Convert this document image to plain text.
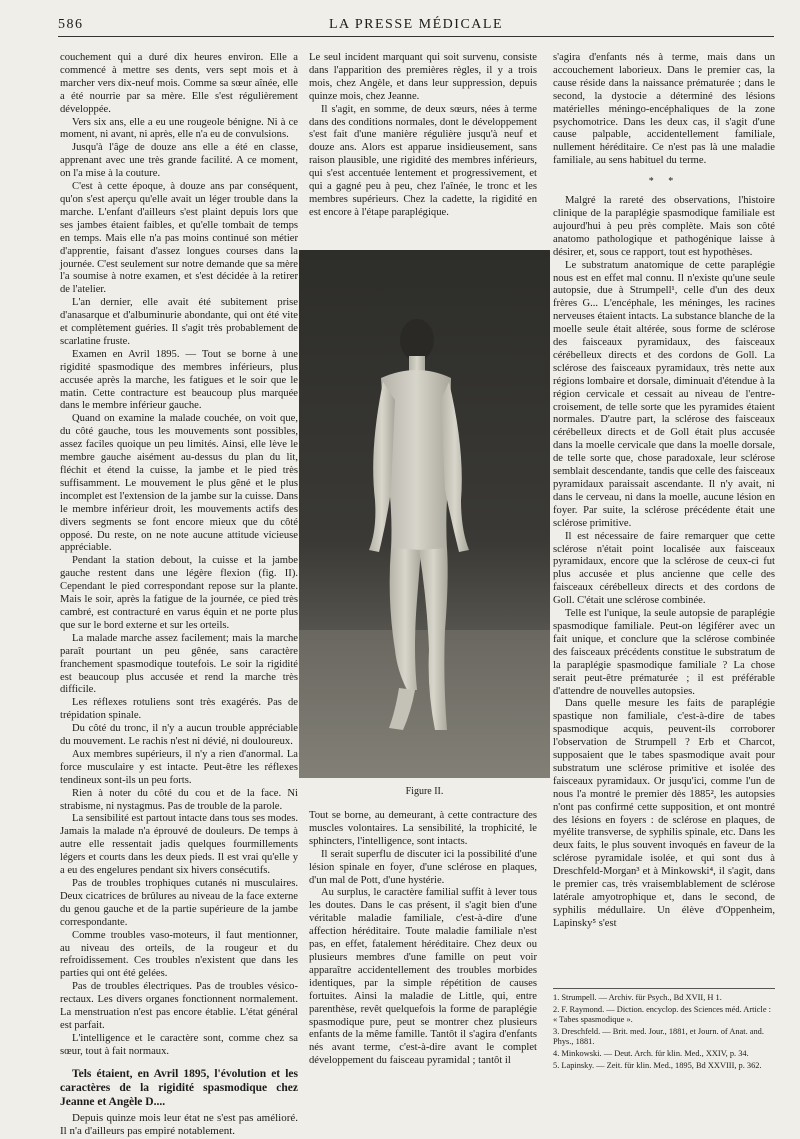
586	LA PRESSE MÉDICALE

couchement qui a duré dix heures environ. Elle a commencé à mettre ses dents, vers sept mois et à marcher vers dix-neuf mois. Comme sa sœur aînée, elle a été nourrie par sa mère. Elle s'est régulièrement développée.

Vers six ans, elle a eu une rougeole bénigne. Ni à ce moment, ni avant, ni après, elle n'a eu de convulsions.

Jusqu'à l'âge de douze ans elle a été en classe, apprenant avec une très grande facilité. A ce moment, on l'a mise à la couture.

C'est à cette époque, à douze ans par conséquent, qu'on s'est aperçu qu'elle avait un léger trouble dans la marche. L'enfant d'ailleurs s'est plaint depuis lors que ses jambes étaient faibles, et qu'elle tombait de temps en temps. Mais elle n'a pas moins continué son métier d'apprentie, faisant d'assez longues courses dans la journée. C'est seulement sur notre demande que sa mère l'a soumise à notre examen, et s'est décidée à la retirer de l'atelier.

L'an dernier, elle avait été subitement prise d'anasarque et d'albuminurie abondante, qui ont été vite et complètement guéries. Il s'agit très probablement de scarlatine fruste.

Examen en Avril 1895. — Tout se borne à une rigidité spasmodique des membres inférieurs, plus accusée après la marche, les fatigues et le soir que le matin. Cette contracture est beaucoup plus marquée dans le membre inférieur gauche.

Quand on examine la malade couchée, on voit que, du côté gauche, tous les mouvements sont possibles, assez faciles quoique un peu limités. Ainsi, elle lève le membre gauche aisément au-dessus du plan du lit, fléchit et étend la cuisse, la jambe et le pied très suffisamment. Le mouvement le plus gêné et le plus incomplet est l'extension de la jambe sur la cuisse. Dans le membre inférieur droit, les mouvements actifs des divers segments se font encore mieux que du côté opposé. Du reste, on ne note aucune attitude vicieuse appréciable.

Pendant la station debout, la cuisse et la jambe gauche restent dans une légère flexion (fig. II). Cependant le pied correspondant repose sur la plante. Mais le soir, après la fatigue de la journée, ce pied très cambré, est contracturé en varus équin et ne porte plus que sur le bord externe et sur les orteils.

La malade marche assez facilement; mais la marche paraît pourtant un peu gênée, sans caractère franchement spasmodique toutefois. Le soir la rigidité est beaucoup plus accusée et rend la marche très difficile.

Les réflexes rotuliens sont très exagérés. Pas de trépidation spinale.

Du côté du tronc, il n'y a aucun trouble appréciable du mouvement. Le rachis n'est ni dévié, ni douloureux.

Aux membres supérieurs, il n'y a rien d'anormal. La force musculaire y est intacte. Peut-être les réflexes tendineux sont-ils un peu forts.

Rien à noter du côté du cou et de la face. Ni strabisme, ni nystagmus. Pas de trouble de la parole.

La sensibilité est partout intacte dans tous ses modes. Jamais la malade n'a éprouvé de douleurs. De temps à autre elle ressentait jadis quelques fourmillements légers et courts dans les deux pieds. Il est vrai qu'elle y a eu des engelures pendant six hivers consécutifs.

Pas de troubles trophiques cutanés ni musculaires. Deux cicatrices de brûlures au niveau de la face externe du genou gauche et de la partie supérieure de la jambe correspondante.

Comme troubles vaso-moteurs, il faut mentionner, au niveau des orteils, de la rougeur et du refroidissement. Ces troubles n'existent que dans les parties qui ont été gelées.

Pas de troubles électriques. Pas de troubles vésico-rectaux. Les divers organes fonctionnent normalement. La menstruation n'est pas encore établie. L'état général est parfait.

L'intelligence et le caractère sont, comme chez sa sœur, tout à fait normaux.

Tels étaient, en Avril 1895, l'évolution et les caractères de la rigidité spasmodique chez Jeanne et Angèle D....

Depuis quinze mois leur état ne s'est pas amélioré. Il n'a d'ailleurs pas empiré notablement.

Le seul incident marquant qui soit survenu, consiste dans l'apparition des premières règles, il y a trois mois, chez Angèle, et dans leur suppression, depuis quinze mois, chez Jeanne.

Il s'agit, en somme, de deux sœurs, nées à terme dans des conditions normales, dont le développement s'est fait d'une manière régulière jusqu'à neuf et douze ans. Alors est apparue insidieusement, sans raison plausible, une rigidité des membres inférieurs, qui s'est accentuée lentement et progressivement, et qui a gagné peu à peu, chez l'aînée, le tronc et les membres supérieurs. Chez la cadette, la rigidité en est encore à l'étape paraplégique.

Figure II.

Tout se borne, au demeurant, à cette contracture des muscles volontaires. La sensibilité, la trophicité, le sphincters, l'intelligence, sont intacts.

Il serait superflu de discuter ici la possibilité d'une lésion spinale en foyer, d'une sclérose en plaques, d'un mal de Pott, d'une hystérie.

Au surplus, le caractère familial suffit à lever tous les doutes. Dans le cas présent, il s'agit bien d'une véritable maladie familiale, c'est-à-dire d'une affection héréditaire. Toute maladie familiale n'est pas, en effet, fatalement héréditaire. Chez deux ou plusieurs membres d'une famille on peut voir apparaître accidentellement des troubles morbides identiques, par la simple répétition de causes fortuites. Ainsi la maladie de Little, qui, entre parenthèse, revêt quelquefois la forme de paraplégie spasmodique pure, peut se montrer chez plusieurs enfants de la même famille. Tantôt il s'agira d'enfants nés avant terme, c'est-à-dire avant le complet développement du faisceau pyramidal ; tantôt il

s'agira d'enfants nés à terme, mais dans un accouchement laborieux. Dans le premier cas, la cause réside dans la naissance prématurée ; dans le second, la dystocie a déterminé des lésions matérielles méningo-encéphaliques de la zone psychomotrice. Dans les deux cas, il s'agit d'une cause palpable, accidentellement familiale, nullement héréditaire. Ce n'est pas là une maladie familiale, au sens habituel du terme.

* *

Malgré la rareté des observations, l'histoire clinique de la paraplégie spasmodique familiale est aujourd'hui à peu près complète. Mais son côté anatomo pathologique et pathogénique laisse à désirer, et, sous ce rapport, tout est hypothèses.

Le substratum anatomique de cette paraplégie nous est en effet mal connu. Il n'existe qu'une seule autopsie, due à Strumpell¹, celle d'un des deux frères G... L'encéphale, les méninges, les racines nerveuses étaient intacts. La substance blanche de la moelle seule était altérée, sous forme de sclérose des faisceaux pyramidaux, des faisceaux cérébelleux directs et des cordons de Goll. La sclérose des faisceaux pyramidaux, très nette aux régions lombaire et dorsale, diminuait d'étendue à la région cervicale et cessait au niveau de l'entre-croisement, de telle sorte que les pyramides étaient normales. D'autre part, la sclérose des faisceaux cérébelleux directs et de Goll était plus accusée dans la moelle cervicale que dans la moelle dorsale, de telle sorte que, chose paradoxale, leur sclérose semblait descendante, tandis que celle des faisceaux pyramidaux paraissait ascendante. Il n'y avait, ni dans le cerveau, ni dans la moelle, aucune lésion en foyer. Par suite, la sclérose précédente était une sclérose primitive.

Il est nécessaire de faire remarquer que cette sclérose n'était point localisée aux faisceaux pyramidaux, encore que la sclérose de ceux-ci fut plus accusée et plus ancienne que celle des faisceaux cérébelleux directs et des cordons de Goll. C'était une sclérose combinée.

Telle est l'unique, la seule autopsie de paraplégie spasmodique familiale. Peut-on légiférer avec un fait unique, et conclure que la sclérose combinée des faisceaux précédents constitue le substratum de la paraplégie spasmodique familiale ? La chose serait peut-être prématurée ; il est préférable d'attendre de nouvelles autopsies.

Dans quelle mesure les faits de paraplégie spastique non familiale, c'est-à-dire de tabes spasmodique acquis, peuvent-ils corroborer l'observation de Strumpell ? Erb et Charcot, supposaient que le tabes spasmodique avait pour substratum une sclérose primitive et isolée des faisceaux pyramidaux. Or jusqu'ici, comme l'un de nous l'a montré le premier dès 1885², les autopsies n'ont pas confirmé cette supposition, et ont montré des lésions en foyers : de sclérose en plaques, de myélite transverse, de syphilis spinale, etc. Dans les deux faits, le plus souvent invoqués en faveur de la sclérose pyramidale isolée, et qui sont dus à Dreschfeld-Morgan³ et à Minkowski⁴, il s'agit, dans le premier cas, très vraisemblablement de sclérose latérale amyotrophique et, dans le second, de syphilis médullaire. Un élève d'Oppenheim, Lapinsky⁵ s'est

1. Strumpell. — Archiv. für Psych., Bd XVII, H 1.
2. F. Raymond. — Diction. encyclop. des Sciences méd. Article : « Tabes spasmodique ».
3. Dreschfeld. — Brit. med. Jour., 1881, et Journ. of Anat. and. Phys., 1881.
4. Minkowski. — Deut. Arch. für klin. Med., XXIV, p. 34.
5. Lapinsky. — Zeit. für klin. Med., 1895, Bd XXVIII, p. 362.
